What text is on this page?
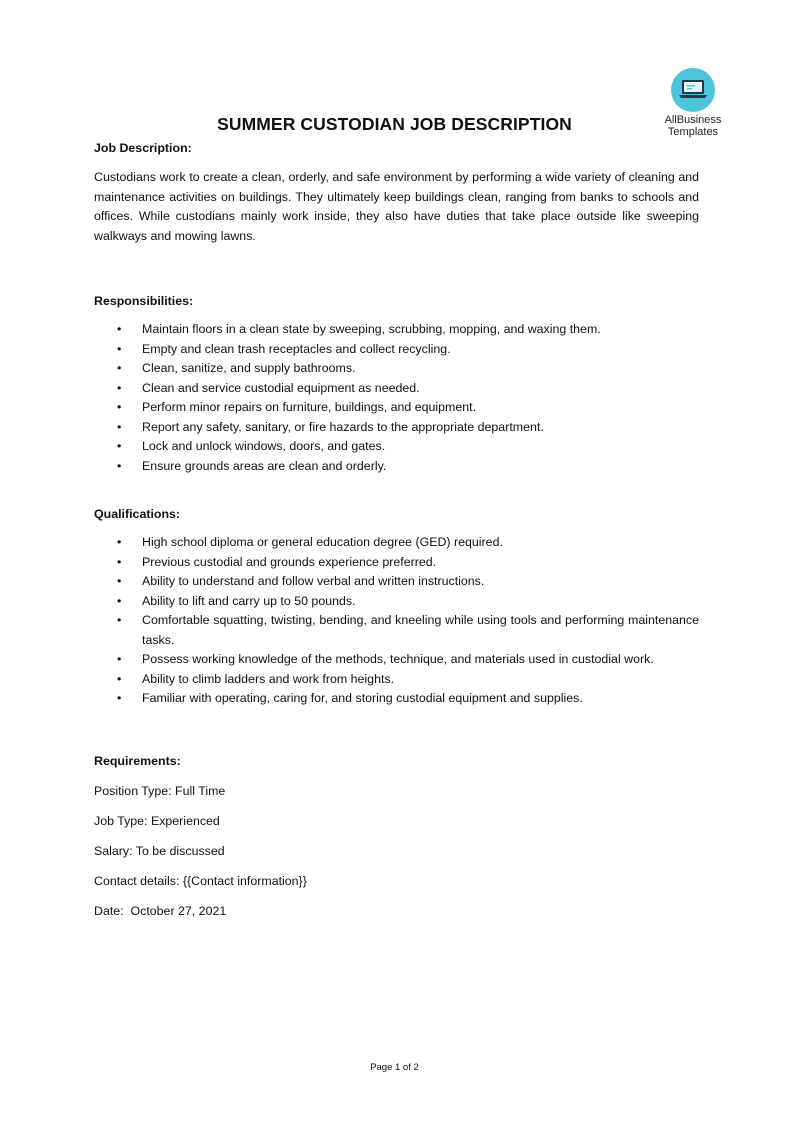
AllBusiness
Templates
SUMMER CUSTODIAN JOB DESCRIPTION
Job Description:
Custodians work to create a clean, orderly, and safe environment by performing a wide variety of cleaning and maintenance activities on buildings. They ultimately keep buildings clean, ranging from banks to schools and offices. While custodians mainly work inside, they also have duties that take place outside like sweeping walkways and mowing lawns.
Responsibilities:
• Maintain floors in a clean state by sweeping, scrubbing, mopping, and waxing them.
• Empty and clean trash receptacles and collect recycling.
• Clean, sanitize, and supply bathrooms.
• Clean and service custodial equipment as needed.
• Perform minor repairs on furniture, buildings, and equipment.
• Report any safety, sanitary, or fire hazards to the appropriate department.
• Lock and unlock windows, doors, and gates.
• Ensure grounds areas are clean and orderly.
Qualifications:
• High school diploma or general education degree (GED) required.
• Previous custodial and grounds experience preferred.
• Ability to understand and follow verbal and written instructions.
• Ability to lift and carry up to 50 pounds.
• Comfortable squatting, twisting, bending, and kneeling while using tools and performing maintenance tasks.
• Possess working knowledge of the methods, technique, and materials used in custodial work.
• Ability to climb ladders and work from heights.
• Familiar with operating, caring for, and storing custodial equipment and supplies.
Requirements:
Position Type: Full Time
Job Type: Experienced
Salary: To be discussed
Contact details: {{Contact information}}
Date:  October 27, 2021
Page 1 of 2
